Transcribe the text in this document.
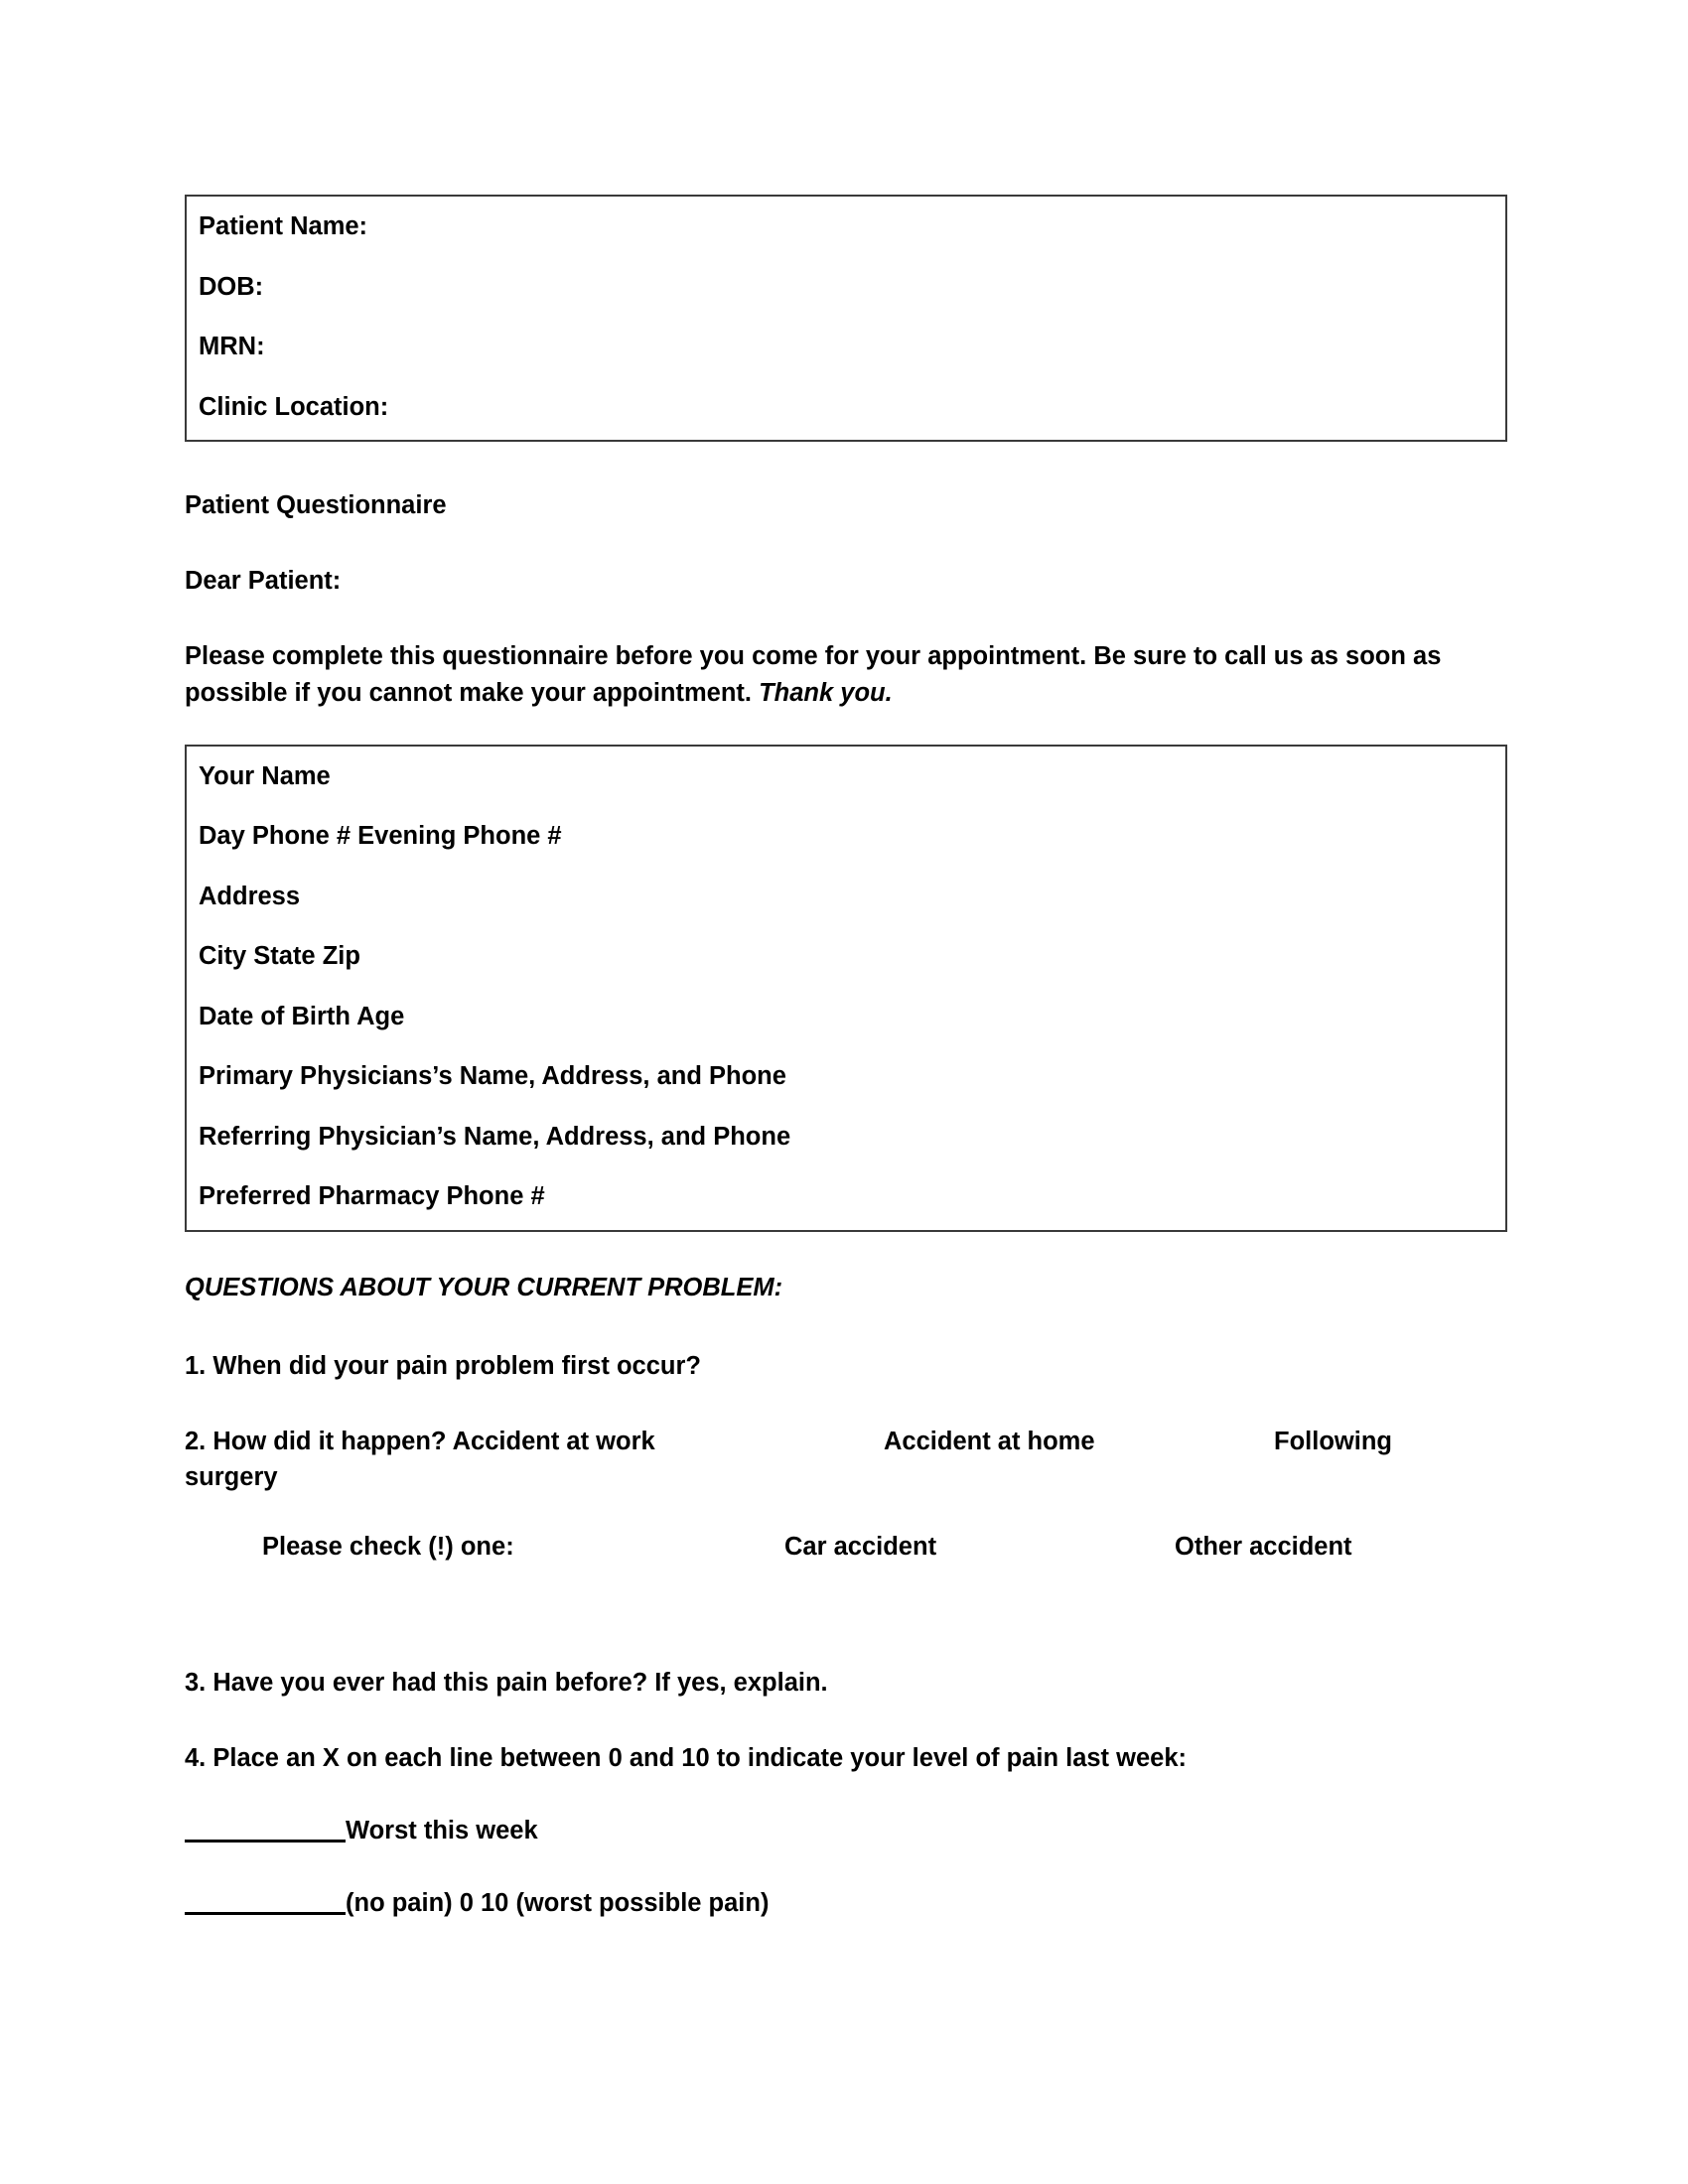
Patient Name:
DOB:
MRN:
Clinic Location:
Patient Questionnaire
Dear Patient:
Please complete this questionnaire before you come for your appointment. Be sure to call us as soon as possible if you cannot make your appointment. Thank you.
Your Name
Day Phone # Evening Phone #
Address
City State Zip
Date of Birth Age
Primary Physicians’s Name, Address, and Phone
Referring Physician’s Name, Address, and Phone
Preferred Pharmacy Phone #
QUESTIONS ABOUT YOUR CURRENT PROBLEM:
1. When did your pain problem first occur?
2. How did it happen? Accident at work	Accident at home	Following
surgery
Please check (!) one:	Car accident	Other accident
3. Have you ever had this pain before? If yes, explain.
4. Place an X on each line between 0 and 10 to indicate your level of pain last week:
Worst this week
(no pain) 0 10 (worst possible pain)
